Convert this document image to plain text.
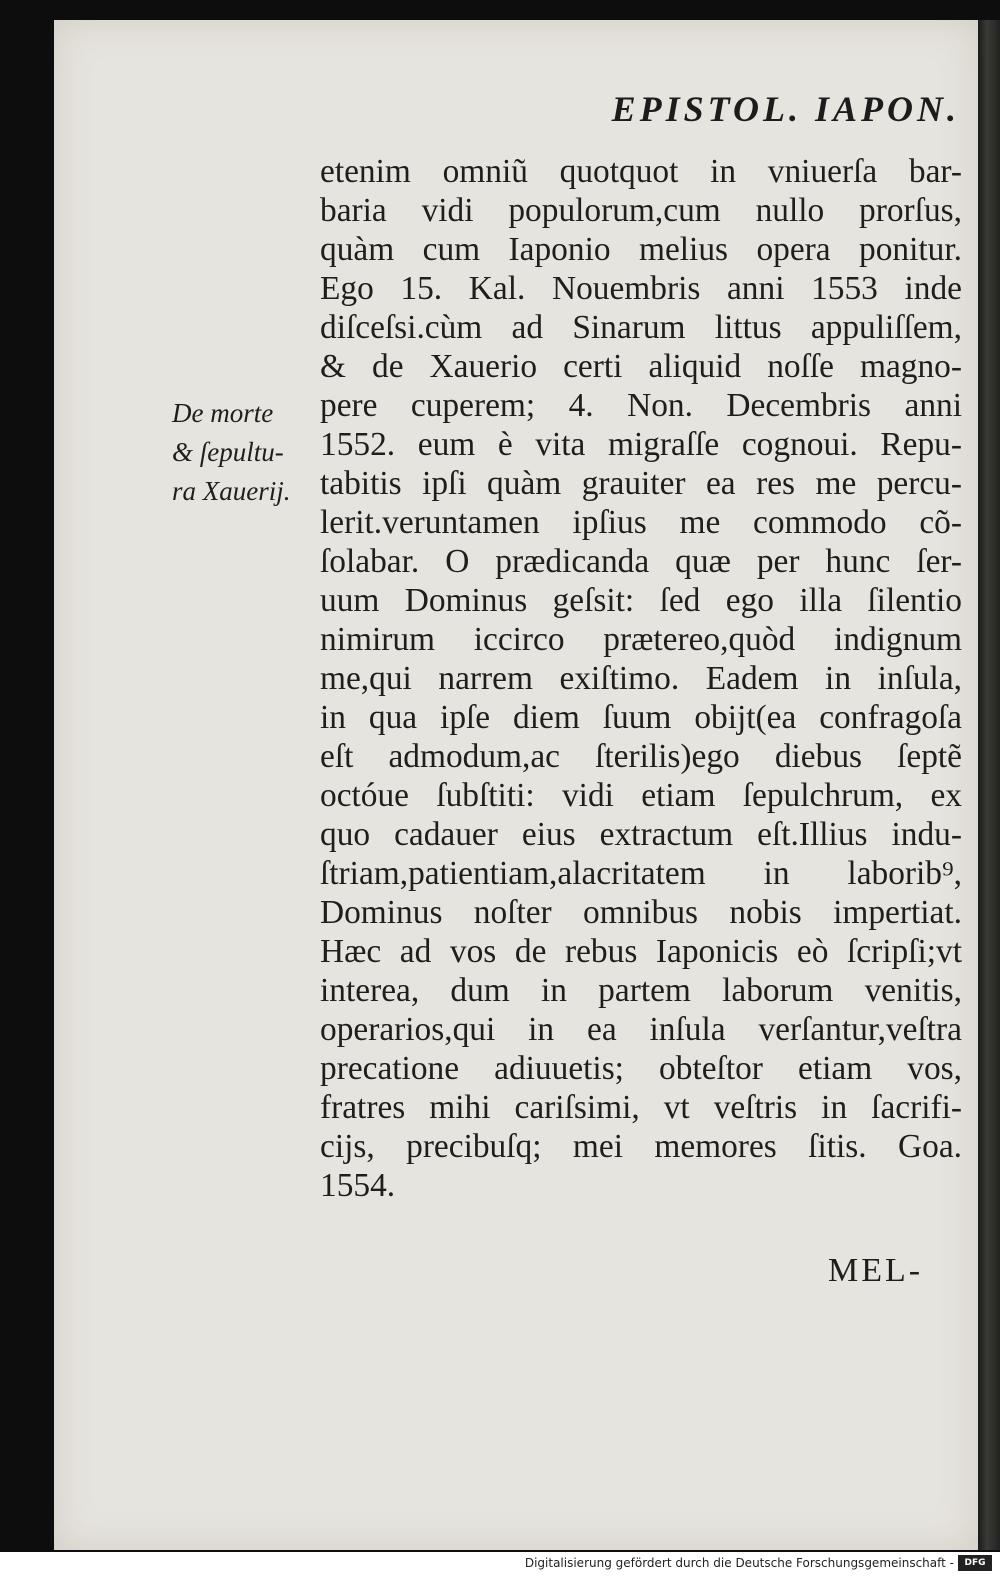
EPISTOL. IAPON.
De morte
& ſepultu-
ra Xauerij.
etenim omniũ quotquot in vniuerſa bar-
baria vidi populorum,cum nullo prorſus,
quàm cum Iaponio melius opera ponitur.
Ego 15. Kal. Nouembris anni 1553 inde
diſceſsi.cùm ad Sinarum littus appuliſſem,
& de Xauerio certi aliquid noſſe magno-
pere cuperem; 4. Non. Decembris anni
1552. eum è vita migraſſe cognoui. Repu-
tabitis ipſi quàm grauiter ea res me percu-
lerit.veruntamen ipſius me commodo cõ-
ſolabar. O prædicanda quæ per hunc ſer-
uum Dominus geſsit: ſed ego illa ſilentio
nimirum iccirco prætereo,quòd indignum
me,qui narrem exiſtimo. Eadem in inſula,
in qua ipſe diem ſuum obijt(ea confragoſa
eſt admodum,ac ſterilis)ego diebus ſeptẽ
octóue ſubſtiti: vidi etiam ſepulchrum, ex
quo cadauer eius extractum eſt.Illius indu-
ſtriam,patientiam,alacritatem in laborib⁹,
Dominus noſter omnibus nobis impertiat.
Hæc ad vos de rebus Iaponicis eò ſcripſi;vt
interea, dum in partem laborum venitis,
operarios,qui in ea inſula verſantur,veſtra
precatione adiuuetis; obteſtor etiam vos,
fratres mihi cariſsimi, vt veſtris in ſacrifi-
cijs, precibuſq; mei memores ſitis. Goa.
1554.
MEL-
Digitalisierung gefördert durch die Deutsche Forschungsgemeinschaft -	DFG
